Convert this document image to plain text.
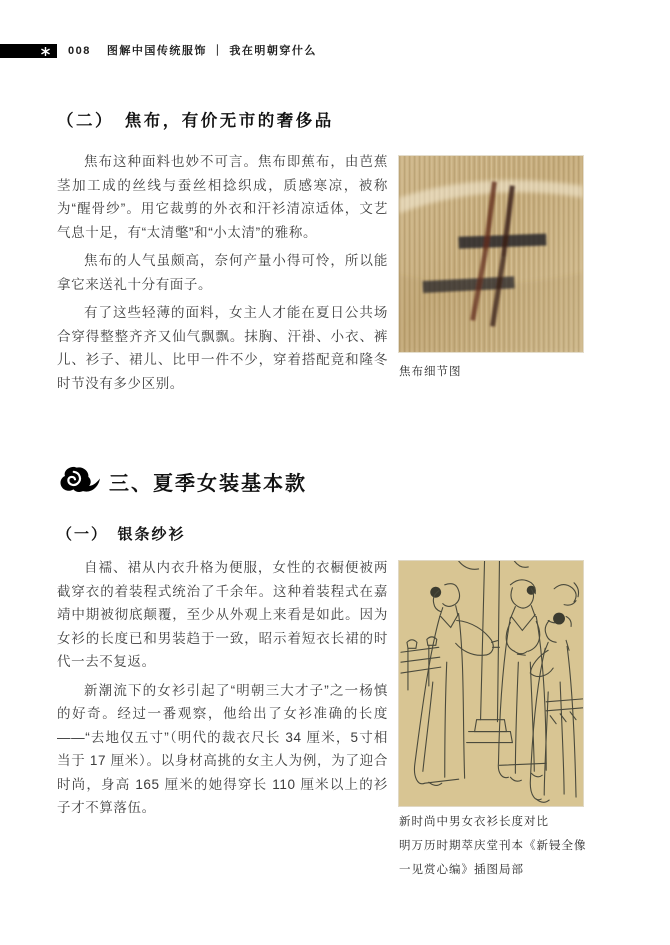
008 图解中国传统服饰 ｜ 我在明朝穿什么
（二）　焦布，有价无市的奢侈品

焦布这种面料也妙不可言。焦布即蕉布，由芭蕉茎加工成的丝线与蚕丝相捻织成，质感寒凉，被称为“醒骨纱”。用它裁剪的外衣和汗衫清凉适体，文艺气息十足，有“太清氅”和“小太清”的雅称。

焦布的人气虽颇高，奈何产量小得可怜，所以能拿它来送礼十分有面子。

有了这些轻薄的面料，女主人才能在夏日公共场合穿得整整齐齐又仙气飘飘。抹胸、汗褂、小衣、裤儿、衫子、裙儿、比甲一件不少，穿着搭配竟和隆冬时节没有多少区别。

焦布细节图
三、夏季女装基本款
（一）　银条纱衫

自襦、裙从内衣升格为便服，女性的衣橱便被两截穿衣的着装程式统治了千余年。这种着装程式在嘉靖中期被彻底颠覆，至少从外观上来看是如此。因为女衫的长度已和男装趋于一致，昭示着短衣长裙的时代一去不复返。

新潮流下的女衫引起了“明朝三大才子”之一杨慎的好奇。经过一番观察，他给出了女衫准确的长度——“去地仅五寸”（明代的裁衣尺长 34 厘米，5寸相当于 17 厘米）。以身材高挑的女主人为例，为了迎合时尚，身高 165 厘米的她得穿长 110 厘米以上的衫子才不算落伍。

新时尚中男女衣衫长度对比
明万历时期萃庆堂刊本《新锓全像
一见赏心编》插图局部
